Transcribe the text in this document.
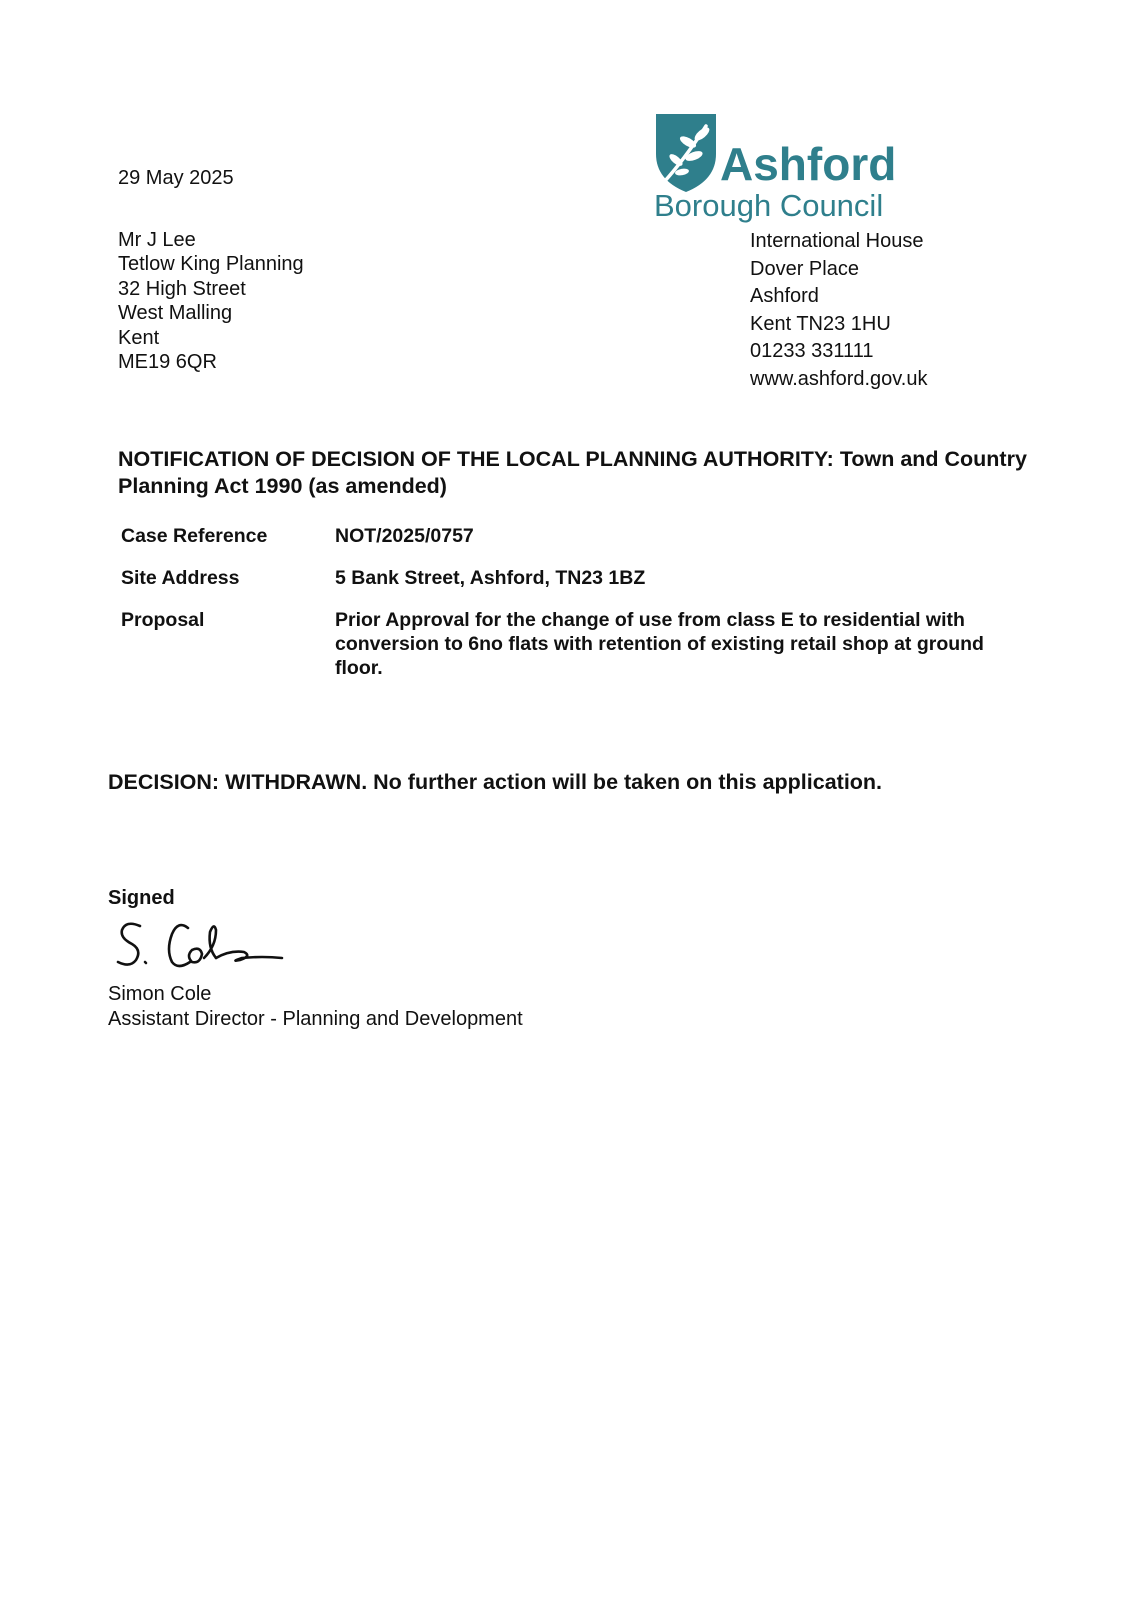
Ashford
Borough Council
29 May 2025
Mr J Lee
Tetlow King Planning
32 High Street
West Malling
Kent
ME19 6QR
International House
Dover Place
Ashford
Kent TN23 1HU
01233 331111
www.ashford.gov.uk
NOTIFICATION OF DECISION OF THE LOCAL PLANNING AUTHORITY: Town and Country Planning Act 1990 (as amended)
Case Reference	NOT/2025/0757
Site Address	5 Bank Street, Ashford, TN23 1BZ
Proposal	Prior Approval for the change of use from class E to residential with conversion to 6no flats with retention of existing retail shop at ground floor.
DECISION: WITHDRAWN. No further action will be taken on this application.
Signed
Simon Cole
Assistant Director - Planning and Development
